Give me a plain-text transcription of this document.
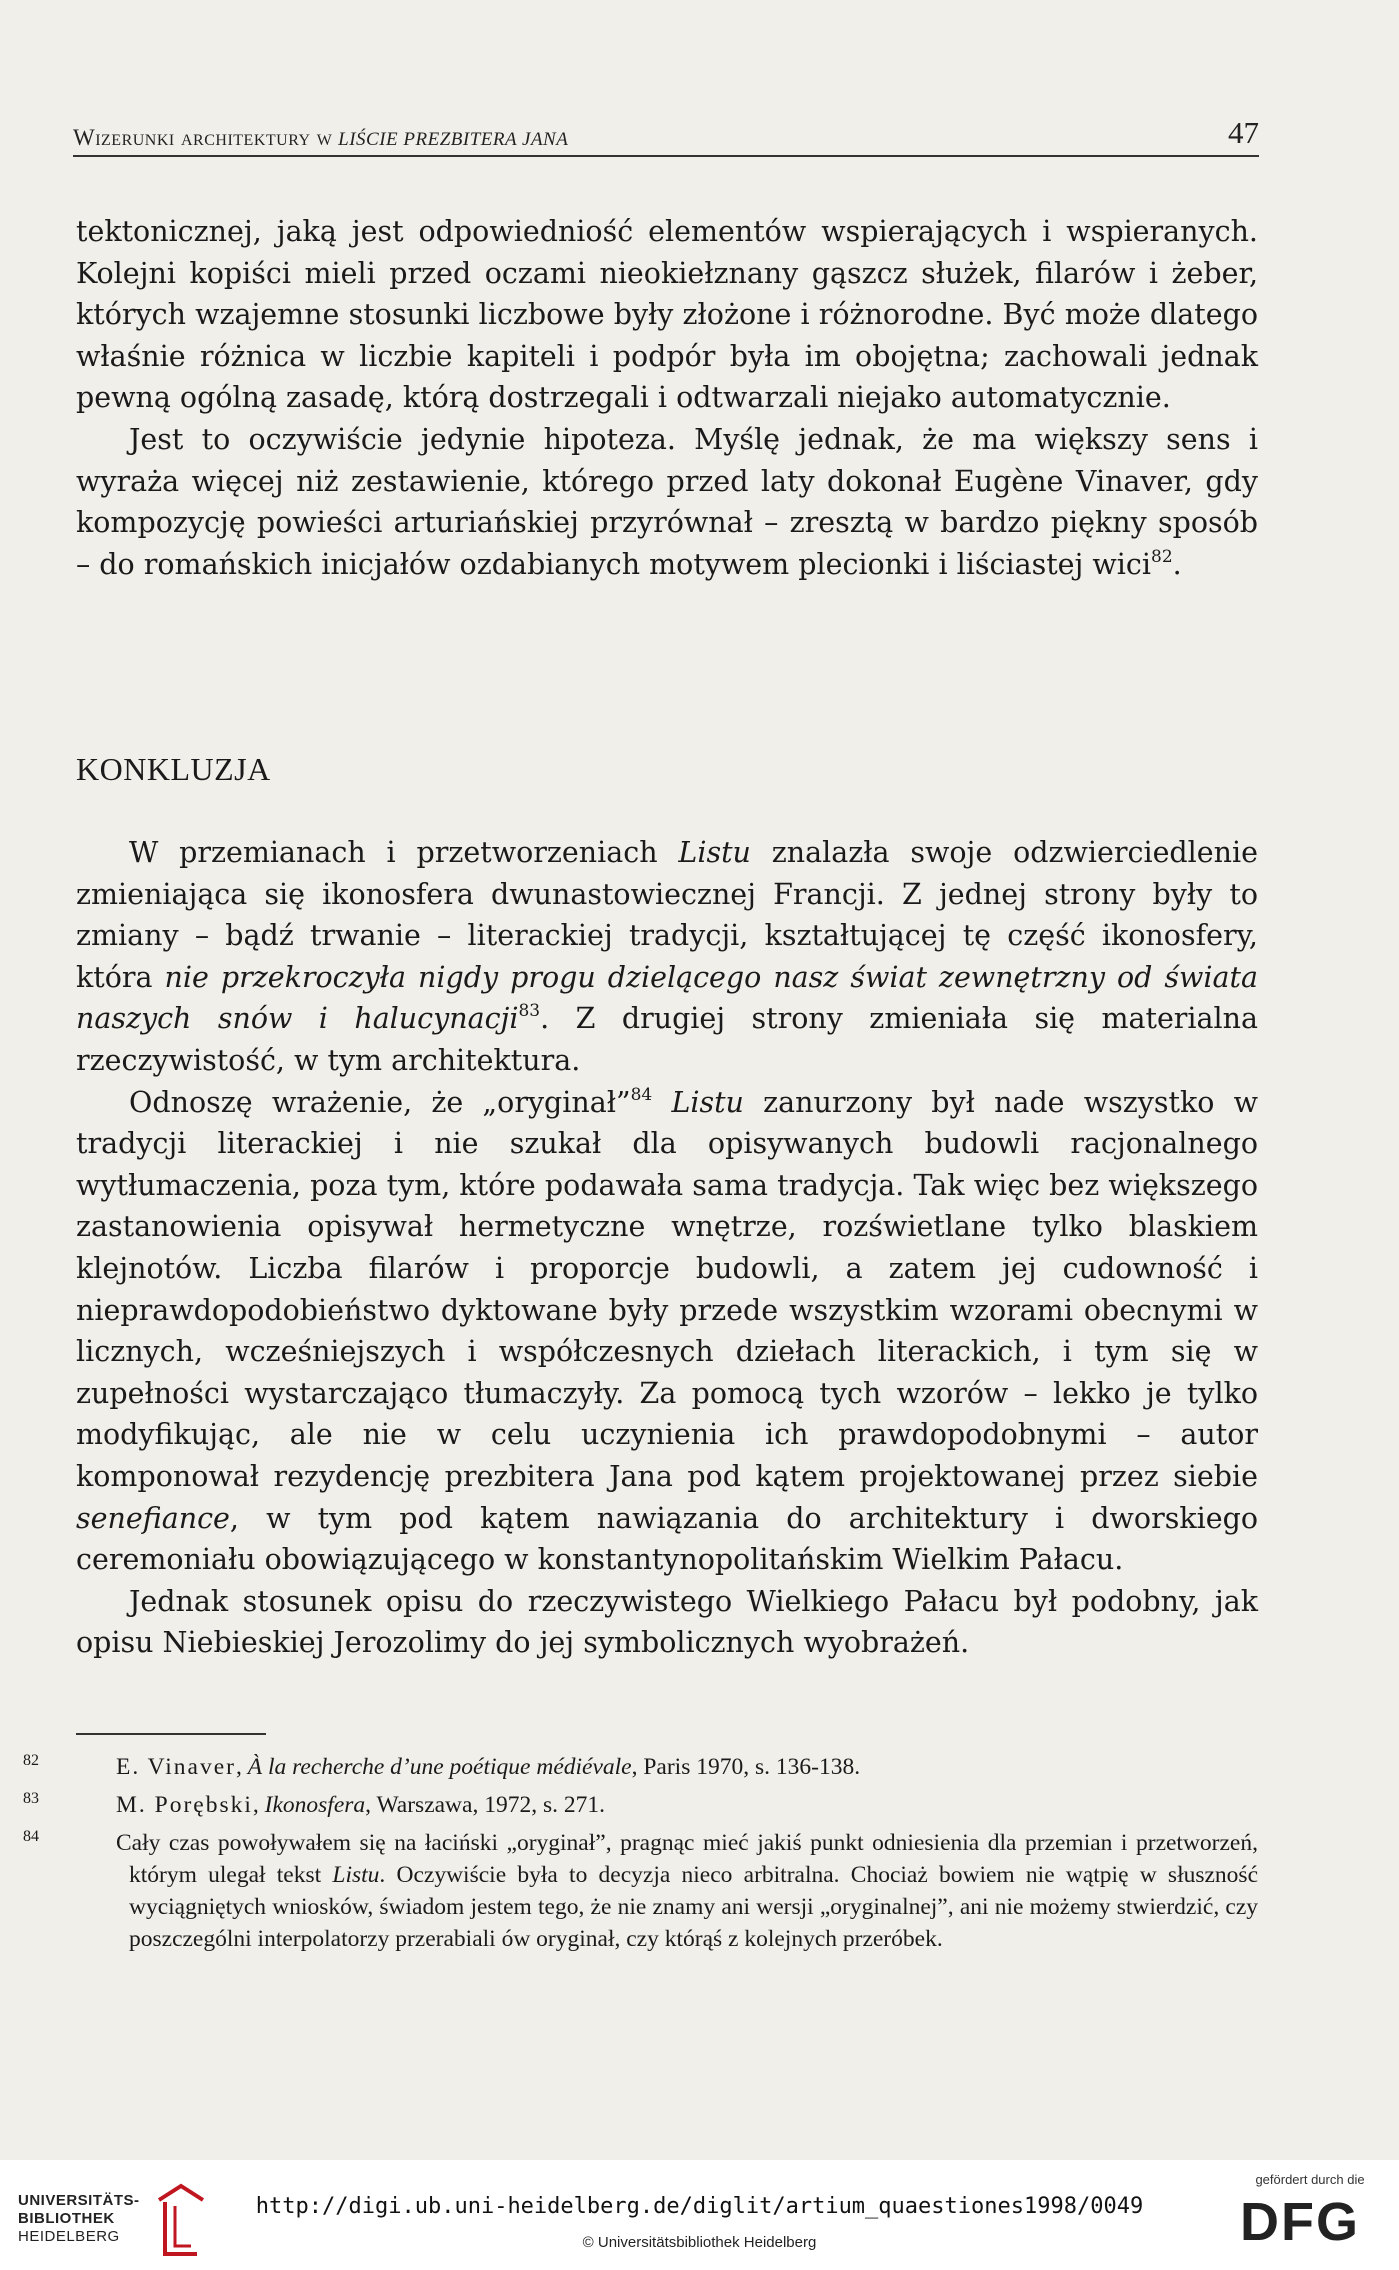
Wizerunki architektury w LIŚCIE PREZBITERA JANA	47

tektonicznej, jaką jest odpowiedniość elementów wspierających i wspieranych. Kolejni kopiści mieli przed oczami nieokiełznany gąszcz służek, filarów i żeber, których wzajemne stosunki liczbowe były złożone i różnorodne. Być może dlatego właśnie różnica w liczbie kapiteli i podpór była im obojętna; zachowali jednak pewną ogólną zasadę, którą dostrzegali i odtwarzali niejako automatycznie.

Jest to oczywiście jedynie hipoteza. Myślę jednak, że ma większy sens i wyraża więcej niż zestawienie, którego przed laty dokonał Eugène Vinaver, gdy kompozycję powieści arturiańskiej przyrównał – zresztą w bardzo piękny sposób – do romańskich inicjałów ozdabianych motywem plecionki i liściastej wici$^{82}$.

KONKLUZJA

W przemianach i przetworzeniach Listu znalazła swoje odzwierciedlenie zmieniająca się ikonosfera dwunastowiecznej Francji. Z jednej strony były to zmiany – bądź trwanie – literackiej tradycji, kształtującej tę część ikonosfery, która nie przekroczyła nigdy progu dzielącego nasz świat zewnętrzny od świata naszych snów i halucynacji$^{83}$. Z drugiej strony zmieniała się materialna rzeczywistość, w tym architektura.

Odnoszę wrażenie, że „oryginał”$^{84}$ Listu zanurzony był nade wszystko w tradycji literackiej i nie szukał dla opisywanych budowli racjonalnego wytłumaczenia, poza tym, które podawała sama tradycja. Tak więc bez większego zastanowienia opisywał hermetyczne wnętrze, rozświetlane tylko blaskiem klejnotów. Liczba filarów i proporcje budowli, a zatem jej cudowność i nieprawdopodobieństwo dyktowane były przede wszystkim wzorami obecnymi w licznych, wcześniejszych i współczesnych dziełach literackich, i tym się w zupełności wystarczająco tłumaczyły. Za pomocą tych wzorów – lekko je tylko modyfikując, ale nie w celu uczynienia ich prawdopodobnymi – autor komponował rezydencję prezbitera Jana pod kątem projektowanej przez siebie senefiance, w tym pod kątem nawiązania do architektury i dworskiego ceremoniału obowiązującego w konstantynopolitańskim Wielkim Pałacu.

Jednak stosunek opisu do rzeczywistego Wielkiego Pałacu był podobny, jak opisu Niebieskiej Jerozolimy do jej symbolicznych wyobrażeń.

82	E. Vinaver, À la recherche d’une poétique médiévale, Paris 1970, s. 136-138.

83	M. Porębski, Ikonosfera, Warszawa, 1972, s. 271.

84	Cały czas powoływałem się na łaciński „oryginał”, pragnąc mieć jakiś punkt odniesienia dla przemian i przetworzeń, którym ulegał tekst Listu. Oczywiście była to decyzja nieco arbitralna. Chociaż bowiem nie wątpię w słuszność wyciągniętych wniosków, świadom jestem tego, że nie znamy ani wersji „oryginalnej”, ani nie możemy stwierdzić, czy poszczególni interpolatorzy przerabiali ów oryginał, czy którąś z kolejnych przeróbek.

UNIVERSITÄTS-
BIBLIOTHEK
HEIDELBERG
http://digi.ub.uni-heidelberg.de/diglit/artium_quaestiones1998/0049
© Universitätsbibliothek Heidelberg
gefördert durch die
DFG
